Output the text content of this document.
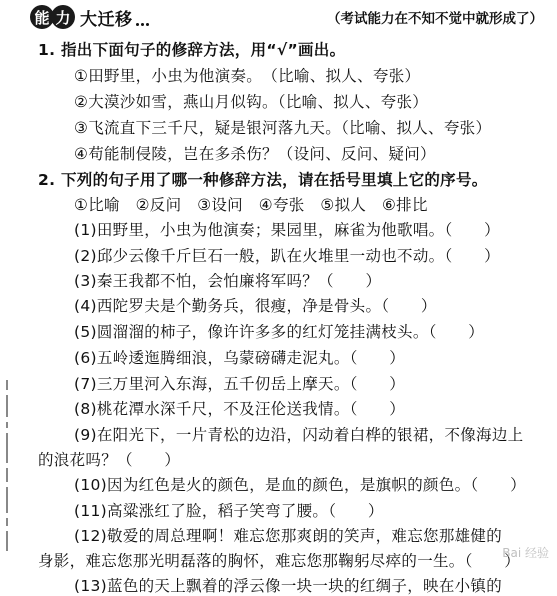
能 力 大迁移	（考试能力在不知不觉中就形成了）
1. 指出下面句子的修辞方法，用“√”画出。
①田野里，小虫为他演奏。　（比喻、拟人、夸张）
②大漠沙如雪，燕山月似钩。（比喻、拟人、夸张）
③飞流直下三千尺，疑是银河落九天。（比喻、拟人、夸张）
④苟能制侵陵，岂在多杀伤？（设问、反问、疑问）
2. 下列的句子用了哪一种修辞方法，请在括号里填上它的序号。
①比喻　②反问　③设问　④夸张　⑤拟人　⑥排比
(1)田野里，小虫为他演奏；果园里，麻雀为他歌唱。（　　）
(2)邱少云像千斤巨石一般，趴在火堆里一动也不动。（　　）
(3)秦王我都不怕，会怕廉将军吗？（　　）
(4)西陀罗夫是个勤务兵，很瘦，净是骨头。（　　）
(5)圆溜溜的柿子，像许许多多的红灯笼挂满枝头。（　　）
(6)五岭逶迤腾细浪，乌蒙磅礴走泥丸。（　　）
(7)三万里河入东海，五千仞岳上摩天。（　　）
(8)桃花潭水深千尺，不及汪伦送我情。（　　）
(9)在阳光下，一片青松的边沿，闪动着白桦的银裙，不像海边上
的浪花吗？（　　）
(10)因为红色是火的颜色，是血的颜色，是旗帜的颜色。（　　）
(11)高粱涨红了脸，稻子笑弯了腰。（　　）
(12)敬爱的周总理啊！难忘您那爽朗的笑声，难忘您那雄健的
身影，难忘您那光明磊落的胸怀，难忘您那鞠躬尽瘁的一生。（　　）
(13)蓝色的天上飘着的浮云像一块一块的红绸子，映在小镇的
Bai 经验
